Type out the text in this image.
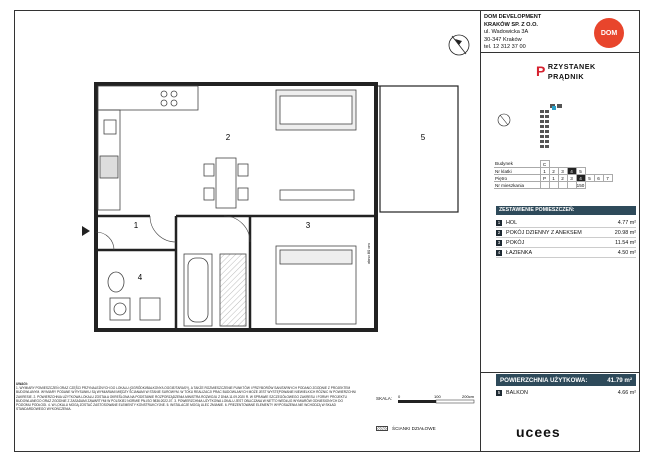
DOM DEVELOPMENT
KRAKÓW SP. Z O.O.
ul. Wadowicka 3A
30-347 Kraków
tel. 12 312 37 00
DOM
P RZYSTANEK
PRĄDNIK
Budynek	C							
Nr klatki	1	2	3	4	5			
Piętro	P	1	2	3	4	5	6	7
Nr mieszkania					150			
ZESTAWIENIE POMIESZCZEŃ:
1	HOL	4.77 m²
2	POKÓJ DZIENNY Z ANEKSEM	20.98 m²
3	POKÓJ	11.54 m²
4	ŁAZIENKA	4.50 m²
POWIERZCHNIA UŻYTKOWA:	41.79 m²
5	BALKON	4.66 m²
1
2
3
4
5
okno 80 cm
UWAGI:
1. WYMIARY POMIESZCZEŃ ORAZ CZĘŚCI PRZYNALEŻNYCH DO LOKALU (OGRÓDKI/BALKONY/LOGGIE/TARASY), A TAKŻE ROZMIESZCZENIE PUNKTÓW I PRZYBORÓW SANITARNYCH PODANO ZGODNIE Z PROJEKTEM BUDOWLANYM. WYMIARY PODANE W RYSUNKU SĄ WYMIARAMI MIĘDZY ŚCIANAMI W STANIE SUROWYM. W TOKU REALIZACJI PRAC BUDOWLANYCH MOŻE JEST WYSTĘPOWANIE NIEWIELKICH RÓŻNIC W POWIERZCHNI ZAKRESIE. 2. POWIERZCHNIA UŻYTKOWA LOKALU ZOSTAŁA OKREŚLONA NA PODSTAWIE ROZPORZĄDZENIA MINISTRA ROZWOJU Z DNIA 11.09.2020 R. W SPRAWIE SZCZEGÓŁOWEGO ZAKRESU I FORMY PROJEKTU BUDOWLANEGO ORAZ ZGODNIE Z ZASADAMI ZAWARTYMI W POLSKIEJ NORMIE PN-ISO 9836:2022-07. 3. POWIERZCHNIA UŻYTKOWA LOKALU JEST OBLICZANA W NETTO WEDŁUG WYMIARÓW ODNIESIONYCH DO POZIOMU PODŁOGI. 4. W LOKALU MOGĄ ZOSTAĆ ZASTOSOWANE ELEMENTY KONSTRUKCYJNE. 5. INSTALACJE MOGĄ ULEC ZMIANIE. 6. PREZENTOWANE ELEMENTY WYPOSAŻENIA NIE WCHODZĄ W SKŁAD STANDARDOWEGO WYKOŃCZENIA.
SKALA: 0	100	200cm
ŚCIANKI DZIAŁOWE	ucees
